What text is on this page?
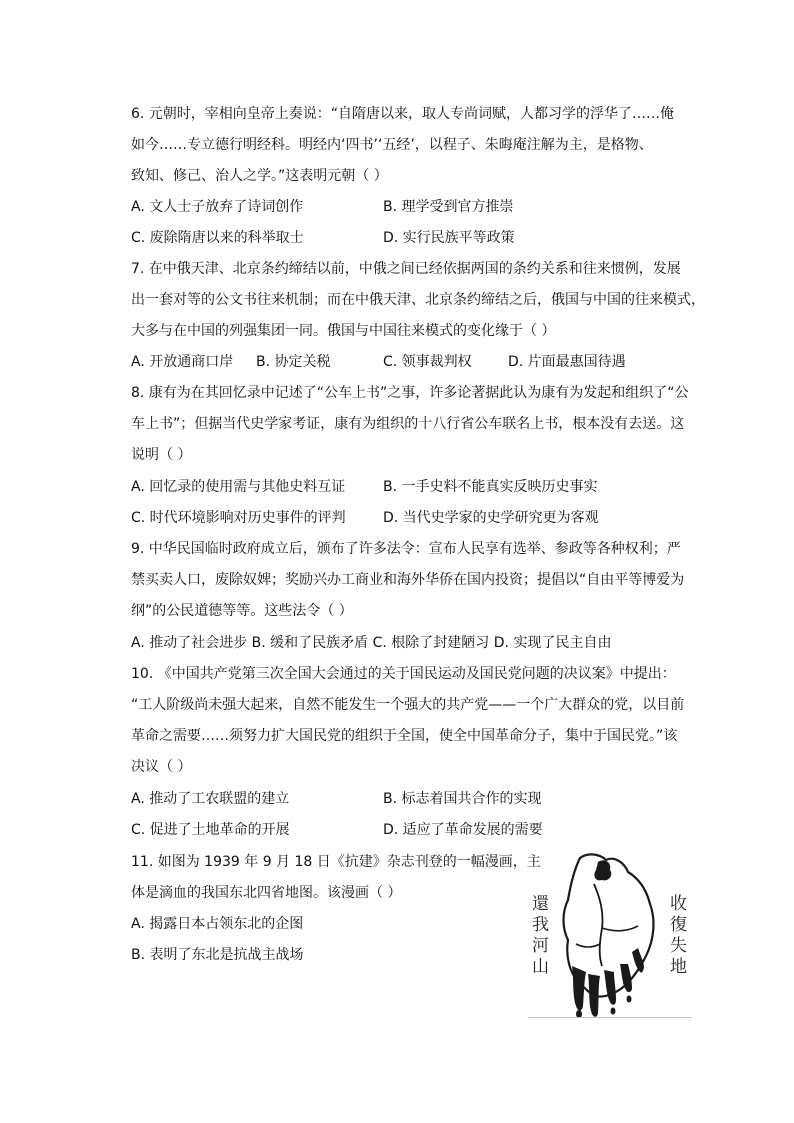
6. 元朝时，宰相向皇帝上奏说：“自隋唐以来，取人专尚词赋，人都习学的浮华了……俺
如今……专立德行明经科。明经内‘四书’‘五经’，以程子、朱晦庵注解为主，是格物、
致知、修己、治人之学。”这表明元朝（ ）
A. 文人士子放弃了诗词创作	B. 理学受到官方推崇
C. 废除隋唐以来的科举取士	D. 实行民族平等政策
7. 在中俄天津、北京条约缔结以前，中俄之间已经依据两国的条约关系和往来惯例，发展
出一套对等的公文书往来机制；而在中俄天津、北京条约缔结之后，俄国与中国的往来模式，
大多与在中国的列强集团一同。俄国与中国往来模式的变化缘于（ ）
A. 开放通商口岸 B. 协定关税	C. 领事裁判权	D. 片面最惠国待遇
8. 康有为在其回忆录中记述了“公车上书”之事，许多论著据此认为康有为发起和组织了“公
车上书”；但据当代史学家考证，康有为组织的十八行省公车联名上书，根本没有去送。这
说明（ ）
A. 回忆录的使用需与其他史料互证	B. 一手史料不能真实反映历史事实
C. 时代环境影响对历史事件的评判	D. 当代史学家的史学研究更为客观
9. 中华民国临时政府成立后，颁布了许多法令：宣布人民享有选举、参政等各种权利；严
禁买卖人口，废除奴婢；奖励兴办工商业和海外华侨在国内投资；提倡以“自由平等博爱为
纲”的公民道德等等。这些法令（ ）
A. 推动了社会进步 B. 缓和了民族矛盾 C. 根除了封建陋习 D. 实现了民主自由
10. 《中国共产党第三次全国大会通过的关于国民运动及国民党问题的决议案》中提出：
“工人阶级尚未强大起来，自然不能发生一个强大的共产党——一个广大群众的党，以目前
革命之需要……须努力扩大国民党的组织于全国，使全中国革命分子，集中于国民党。”该
决议（ ）
A. 推动了工农联盟的建立	B. 标志着国共合作的实现
C. 促进了土地革命的开展	D. 适应了革命发展的需要
11. 如图为 1939 年 9 月 18 日《抗建》杂志刊登的一幅漫画，主
体是滴血的我国东北四省地图。该漫画（ ）
A. 揭露日本占领东北的企图
B. 表明了东北是抗战主战场	還我河山	收復失地
